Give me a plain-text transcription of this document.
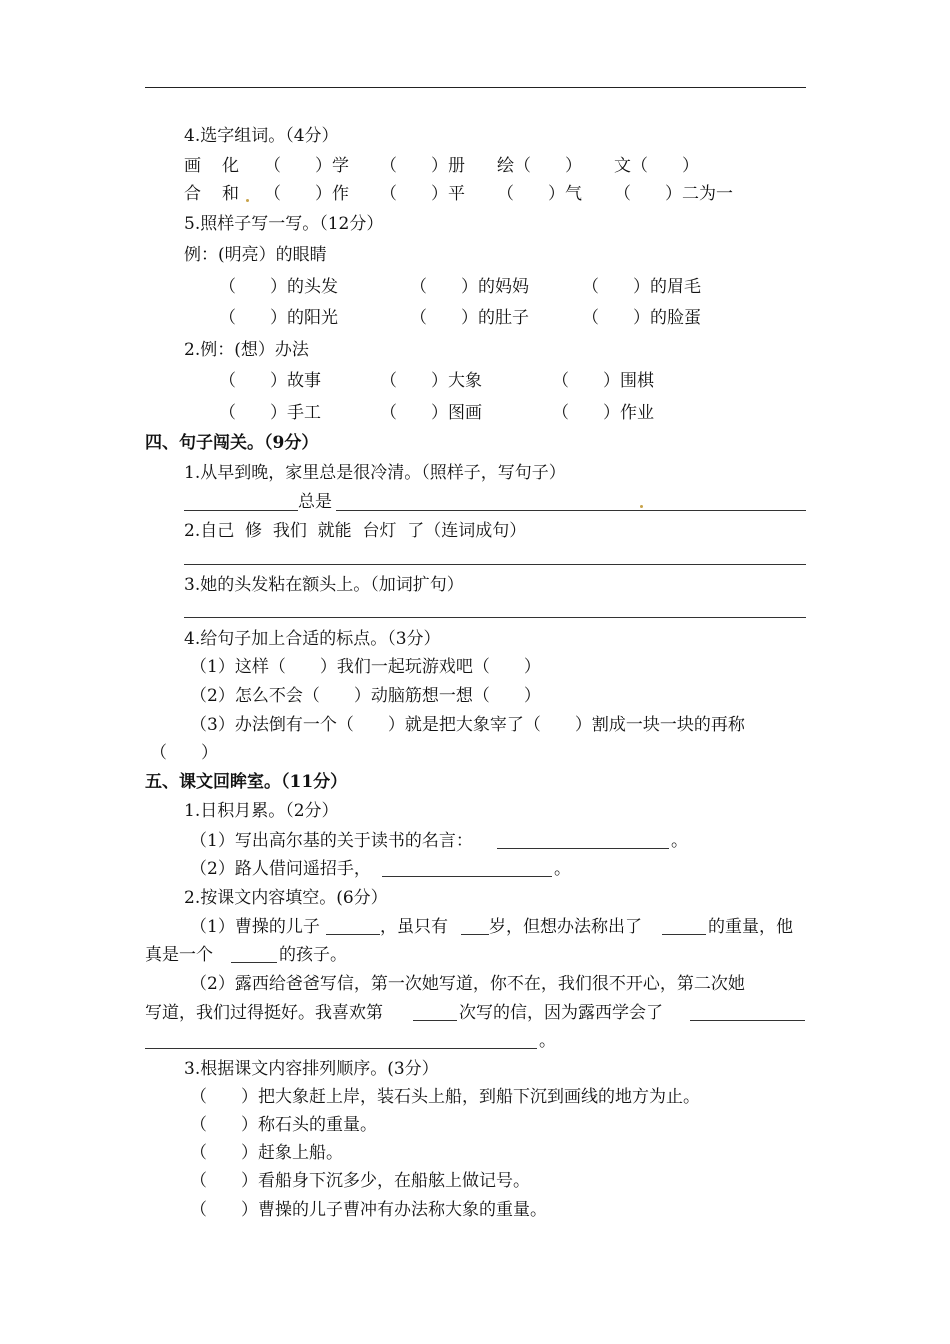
4.选字组词。（4分）
画 化 （　　）学 （　　）册 绘（　　） 文（　　）
合 和 （　　）作 （　　）平 （　　）气 （　　）二为一
5.照样子写一写。（12分）
例：(明亮）的眼睛
（　　）的头发	（　　）的妈妈	（　　）的眉毛
（　　）的阳光	（　　）的肚子	（　　）的脸蛋
2.例：(想）办法
（　　）故事	（　　）大象	（　　）围棋
（　　）手工	（　　）图画	（　　）作业
四、句子闯关。（9分）
1.从早到晚，家里总是很冷清。（照样子，写句子）
总是
2.自己  修  我们  就能  台灯  了（连词成句）
3.她的头发粘在额头上。（加词扩句）
4.给句子加上合适的标点。（3分）
（1）这样（　　）我们一起玩游戏吧（　　）
（2）怎么不会（　　）动脑筋想一想（　　）
（3）办法倒有一个（　　）就是把大象宰了（　　）割成一块一块的再称
（　　）
五、课文回眸室。（11分）
1.日积月累。（2分）
（1）写出高尔基的关于读书的名言：	。
（2）路人借问遥招手，	。
2.按课文内容填空。(6分）
（1）曹操的儿子	，虽只有 岁，但想办法称出了	的重量，他
真是一个	的孩子。
（2）露西给爸爸写信，第一次她写道，你不在，我们很不开心，第二次她
写道，我们过得挺好。我喜欢第	次写的信，因为露西学会了
。
3.根据课文内容排列顺序。(3分）
（　　）把大象赶上岸，装石头上船，到船下沉到画线的地方为止。
（　　）称石头的重量。
（　　）赶象上船。
（　　）看船身下沉多少，在船舷上做记号。
（　　）曹操的儿子曹冲有办法称大象的重量。
